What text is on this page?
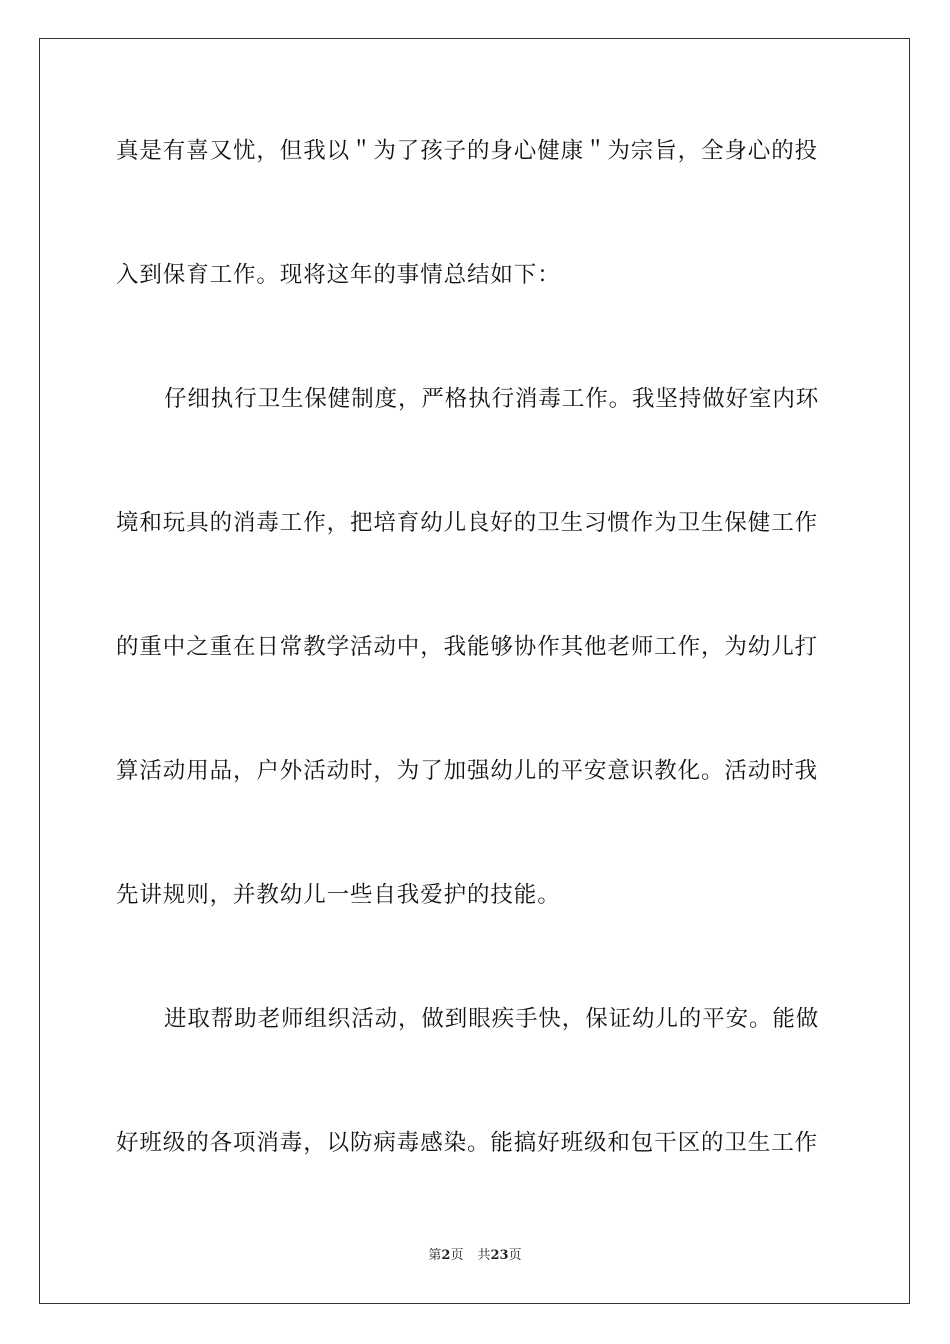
真是有喜又忧，但我以＂为了孩子的身心健康＂为宗旨，全身心的投
入到保育工作。现将这年的事情总结如下：
仔细执行卫生保健制度，严格执行消毒工作。我坚持做好室内环
境和玩具的消毒工作，把培育幼儿良好的卫生习惯作为卫生保健工作
的重中之重在日常教学活动中，我能够协作其他老师工作，为幼儿打
算活动用品，户外活动时，为了加强幼儿的平安意识教化。活动时我
先讲规则，并教幼儿一些自我爱护的技能。
进取帮助老师组织活动，做到眼疾手快，保证幼儿的平安。能做
好班级的各项消毒，以防病毒感染。能搞好班级和包干区的卫生工作
第2页 共23页
